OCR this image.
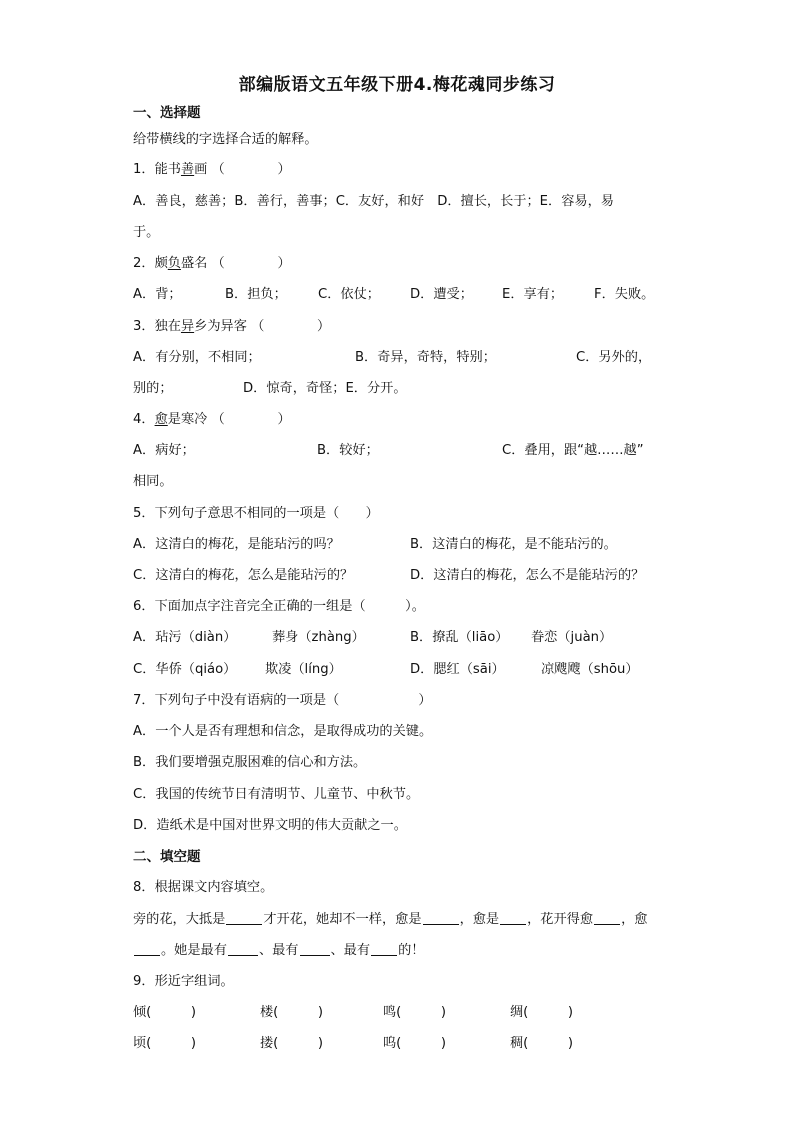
部编版语文五年级下册4.梅花魂同步练习
一、选择题
给带横线的字选择合适的解释。
1．能书善画 （　　　　）
A．善良，慈善；B．善行，善事；C．友好，和好　D．擅长，长于；E．容易，易
于。
2．颇负盛名 （　　　　）
A．背；	B．担负； C．依仗； D．遭受； E．享有； F．失败。
3．独在异乡为异客 （　　　　）
A．有分别，不相同；	B．奇异，奇特，特别；	C．另外的，
别的；	D．惊奇，奇怪；E．分开。
4．愈是寒冷 （　　　　）
A．病好；	B．较好；	C．叠用，跟“越……越”
相同。
5．下列句子意思不相同的一项是（　　）
A．这清白的梅花，是能玷污的吗？	B．这清白的梅花，是不能玷污的。
C．这清白的梅花，怎么是能玷污的？	D．这清白的梅花，怎么不是能玷污的？
6．下面加点字注音完全正确的一组是（　　　）。
A．玷污（diàn）	葬身（zhàng）	B．撩乱（liāo） 眷恋（juàn）
C．华侨（qiáo） 欺凌（líng）	D．腮红（sāi）	凉飕飕（shōu）
7．下列句子中没有语病的一项是（　　　　　　）
A．一个人是否有理想和信念，是取得成功的关键。
B．我们要增强克服困难的信心和方法。
C．我国的传统节日有清明节、儿童节、中秋节。
D．造纸术是中国对世界文明的伟大贡献之一。
二、填空题
8．根据课文内容填空。
旁的花，大抵是	才开花，她却不一样，愈是	，愈是 ，花开得愈 ，愈
。她是最有 、最有 、最有 的！
9．形近字组词。
倾(　　　)	楼(　　　)	鸣(　　　)	绸(　　　)
顷(　　　)	搂(　　　)	呜(　　　)	稠(　　　)
